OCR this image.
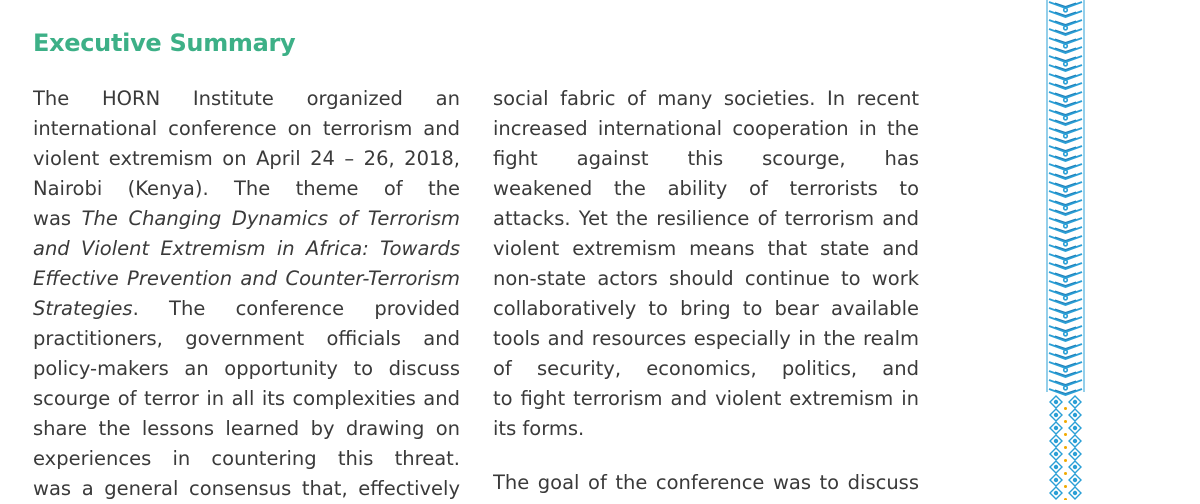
Executive Summary
The HORN Institute organized an
international conference on terrorism and
violent extremism on April 24 – 26, 2018,
Nairobi (Kenya). The theme of the
was The Changing Dynamics of Terrorism
and Violent Extremism in Africa: Towards
Effective Prevention and Counter-Terrorism
Strategies. The conference provided
practitioners, government officials and
policy-makers an opportunity to discuss
scourge of terror in all its complexities and
share the lessons learned by drawing on
experiences in countering this threat.
was a general consensus that, effectively
social fabric of many societies. In recent
increased international cooperation in the
fight against this scourge, has
weakened the ability of terrorists to
attacks. Yet the resilience of terrorism and
violent extremism means that state and
non-state actors should continue to work
collaboratively to bring to bear available
tools and resources especially in the realm
of security, economics, politics, and
to fight terrorism and violent extremism in
its forms.
The goal of the conference was to discuss
